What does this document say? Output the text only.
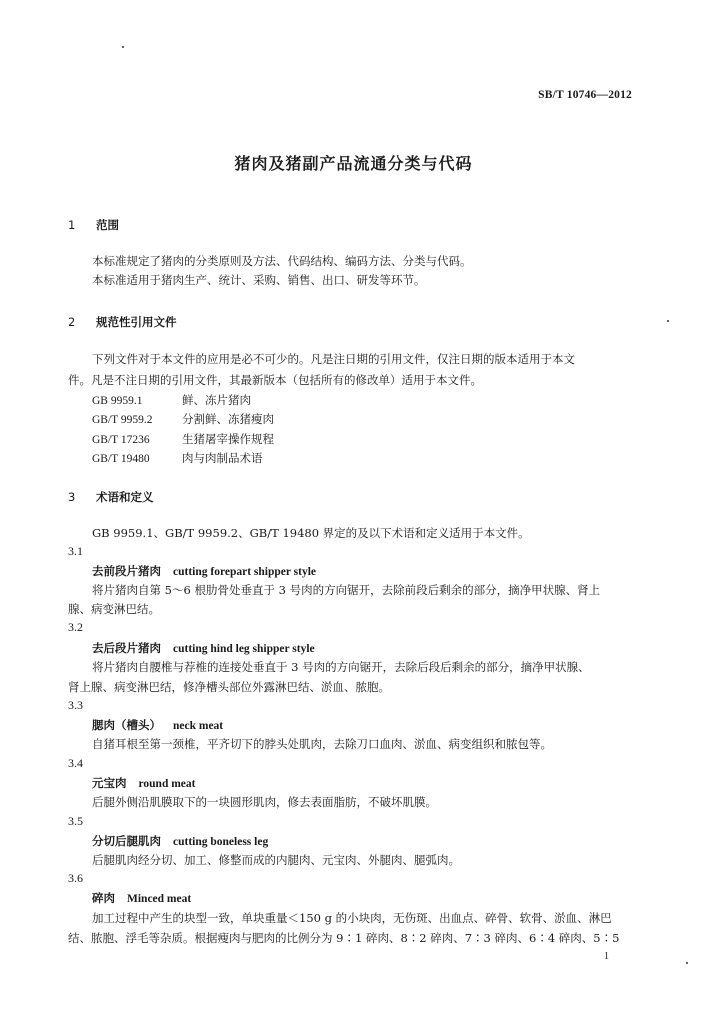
SB/T 10746—2012
猪肉及猪副产品流通分类与代码
1 范围
本标准规定了猪肉的分类原则及方法、代码结构、编码方法、分类与代码。
本标准适用于猪肉生产、统计、采购、销售、出口、研发等环节。
2 规范性引用文件
下列文件对于本文件的应用是必不可少的。凡是注日期的引用文件，仅注日期的版本适用于本文
件。凡是不注日期的引用文件，其最新版本（包括所有的修改单）适用于本文件。
GB 9959.1	鲜、冻片猪肉
GB/T 9959.2	分割鲜、冻猪瘦肉
GB/T 17236	生猪屠宰操作规程
GB/T 19480	肉与肉制品术语
3 术语和定义
GB 9959.1、GB/T 9959.2、GB/T 19480 界定的及以下术语和定义适用于本文件。
3.1
去前段片猪肉 cutting forepart shipper style
将片猪肉自第 5～6 根肋骨处垂直于 3 号肉的方向锯开，去除前段后剩余的部分，摘净甲状腺、肾上
腺、病变淋巴结。
3.2
去后段片猪肉 cutting hind leg shipper style
将片猪肉自腰椎与荐椎的连接处垂直于 3 号肉的方向锯开，去除后段后剩余的部分，摘净甲状腺、
肾上腺、病变淋巴结，修净槽头部位外露淋巴结、淤血、脓胞。
3.3
腮肉（槽头） neck meat
自猪耳根至第一颈椎，平齐切下的脖头处肌肉，去除刀口血肉、淤血、病变组织和脓包等。
3.4
元宝肉 round meat
后腿外侧沿肌膜取下的一块圆形肌肉，修去表面脂肪，不破坏肌膜。
3.5
分切后腿肌肉 cutting boneless leg
后腿肌肉经分切、加工、修整而成的内腿肉、元宝肉、外腿肉、腿弧肉。
3.6
碎肉 Minced meat
加工过程中产生的块型一致，单块重量＜150 g 的小块肉，无伤斑、出血点、碎骨、软骨、淤血、淋巴
结、脓胞、浮毛等杂质。根据瘦肉与肥肉的比例分为 9∶1 碎肉、8∶2 碎肉、7∶3 碎肉、6∶4 碎肉、5∶5
1
